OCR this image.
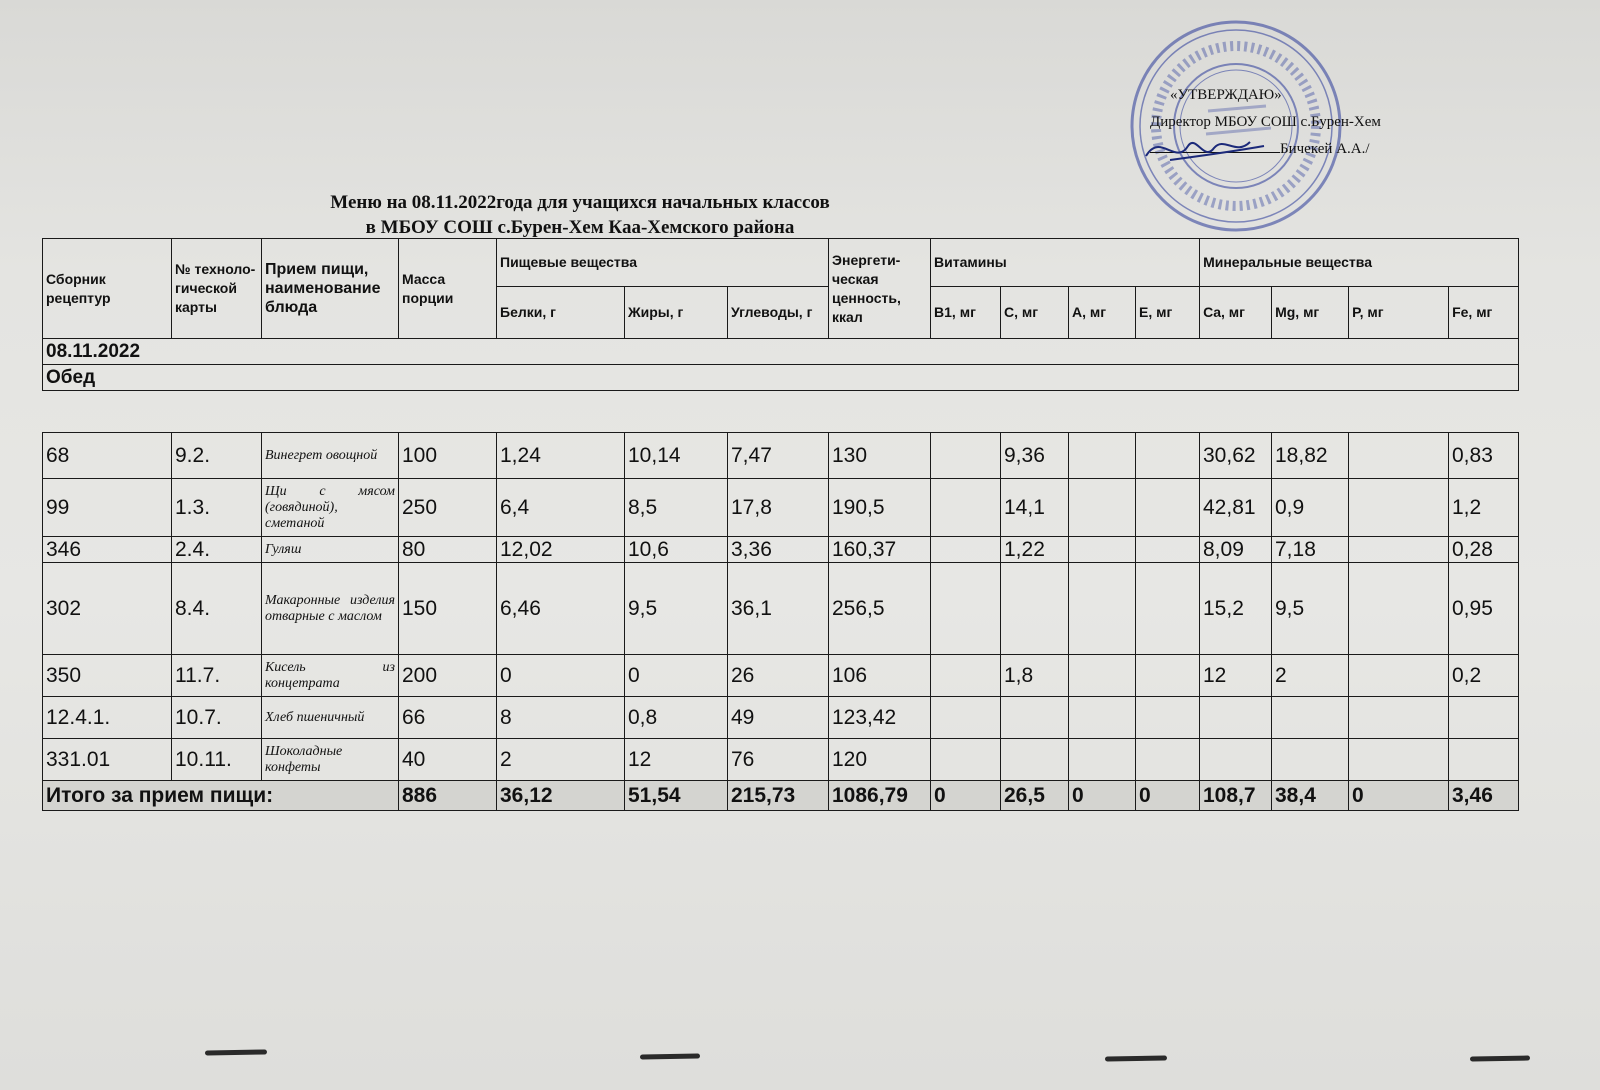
«УТВЕРЖДАЮ»
Директор МБОУ СОШ с.Бурен-Хем
Бичекей А.А./
Меню на 08.11.2022года для учащихся начальных классов
в МБОУ СОШ с.Бурен-Хем Каа-Хемского района
Сборник рецептур	№ техноло-гической карты	Прием пищи, наименование блюда	Масса порции	Пищевые вещества			Энергети-ческая ценность, ккал	Витамины				Минеральные вещества			
				Белки, г	Жиры, г	Углеводы, г		B1, мг	C, мг	A, мг	E, мг	Ca, мг	Mg, мг	P, мг	Fe, мг
08.11.2022															
Обед															
68	9.2.	Винегрет овощной	100	1,24	10,14	7,47	130		9,36			30,62	18,82		0,83
99	1.3.	Щи с мясом (говядиной), сметаной	250	6,4	8,5	17,8	190,5		14,1			42,81	0,9		1,2
346	2.4.	Гуляш	80	12,02	10,6	3,36	160,37		1,22			8,09	7,18		0,28
302	8.4.	Макаронные изделия отварные с маслом	150	6,46	9,5	36,1	256,5					15,2	9,5		0,95
350	11.7.	Кисель из концетрата	200	0	0	26	106		1,8			12	2		0,2
12.4.1.	10.7.	Хлеб пшеничный	66	8	0,8	49	123,42								
331.01	10.11.	Шоколадные конфеты	40	2	12	76	120								
Итого за прием пищи:			886	36,12	51,54	215,73	1086,79	0	26,5	0	0	108,7	38,4	0	3,46
